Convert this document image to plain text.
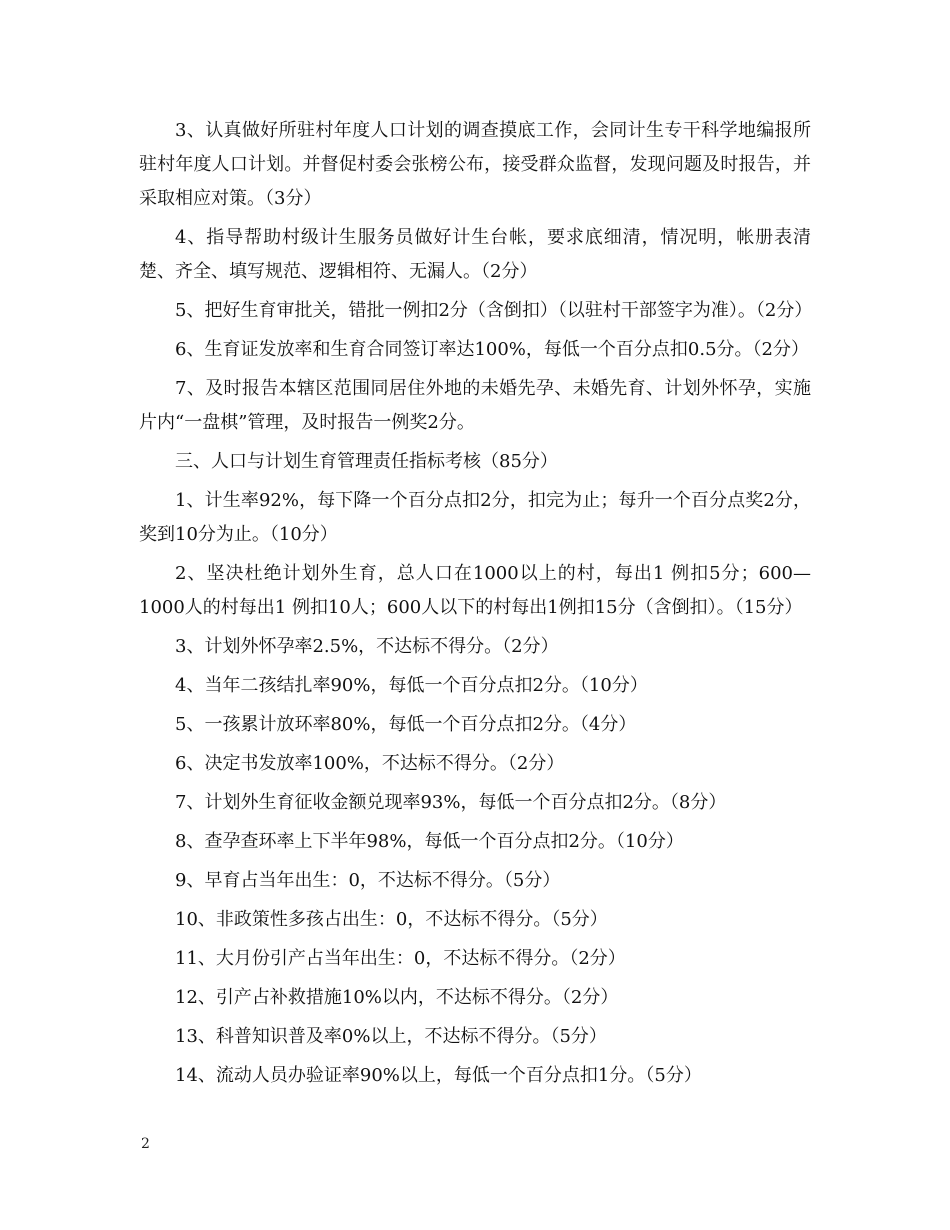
3、认真做好所驻村年度人口计划的调查摸底工作，会同计生专干科学地编报所驻村年度人口计划。并督促村委会张榜公布，接受群众监督，发现问题及时报告，并采取相应对策。（3分）

4、指导帮助村级计生服务员做好计生台帐，要求底细清，情况明，帐册表清楚、齐全、填写规范、逻辑相符、无漏人。（2分）

5、把好生育审批关，错批一例扣2分（含倒扣）（以驻村干部签字为准）。（2分）

6、生育证发放率和生育合同签订率达100%，每低一个百分点扣0.5分。（2分）

7、及时报告本辖区范围同居住外地的未婚先孕、未婚先育、计划外怀孕，实施片内“一盘棋”管理，及时报告一例奖2分。

三、人口与计划生育管理责任指标考核（85分）

1、计生率92%，每下降一个百分点扣2分，扣完为止；每升一个百分点奖2分，奖到10分为止。（10分）

2、坚决杜绝计划外生育，总人口在1000以上的村，每出1 例扣5分；600—1000人的村每出1 例扣10人；600人以下的村每出1例扣15分（含倒扣）。（15分）

3、计划外怀孕率2.5%，不达标不得分。（2分）

4、当年二孩结扎率90%，每低一个百分点扣2分。（10分）

5、一孩累计放环率80%，每低一个百分点扣2分。（4分）

6、决定书发放率100%，不达标不得分。（2分）

7、计划外生育征收金额兑现率93%，每低一个百分点扣2分。（8分）

8、查孕查环率上下半年98%，每低一个百分点扣2分。（10分）

9、早育占当年出生：0，不达标不得分。（5分）

10、非政策性多孩占出生：0，不达标不得分。（5分）

11、大月份引产占当年出生：0，不达标不得分。（2分）

12、引产占补救措施10%以内，不达标不得分。（2分）

13、科普知识普及率0%以上，不达标不得分。（5分）

14、流动人员办验证率90%以上，每低一个百分点扣1分。（5分）

2
